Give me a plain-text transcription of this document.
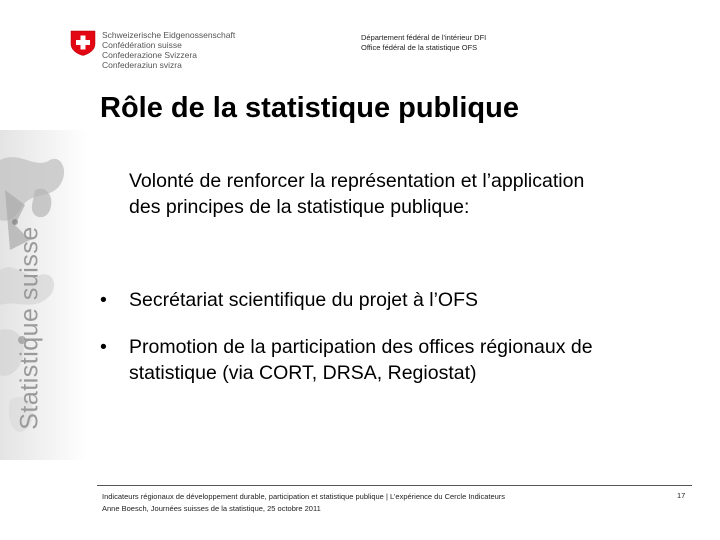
Schweizerische Eidgenossenschaft
Confédération suisse
Confederazione Svizzera
Confederaziun svizra
Département fédéral de l'intérieur DFI
Office fédéral de la statistique OFS
Statistique suisse
Rôle de la statistique publique

Volonté de renforcer la représentation et l’application des principes de la statistique publique:

• Secrétariat scientifique du projet à l’OFS
• Promotion de la participation des offices régionaux de statistique (via CORT, DRSA, Regiostat)
Indicateurs régionaux de développement durable, participation et statistique publique | L’expérience du Cercle Indicateurs
Anne Boesch, Journées suisses de la statistique, 25 octobre 2011
17
